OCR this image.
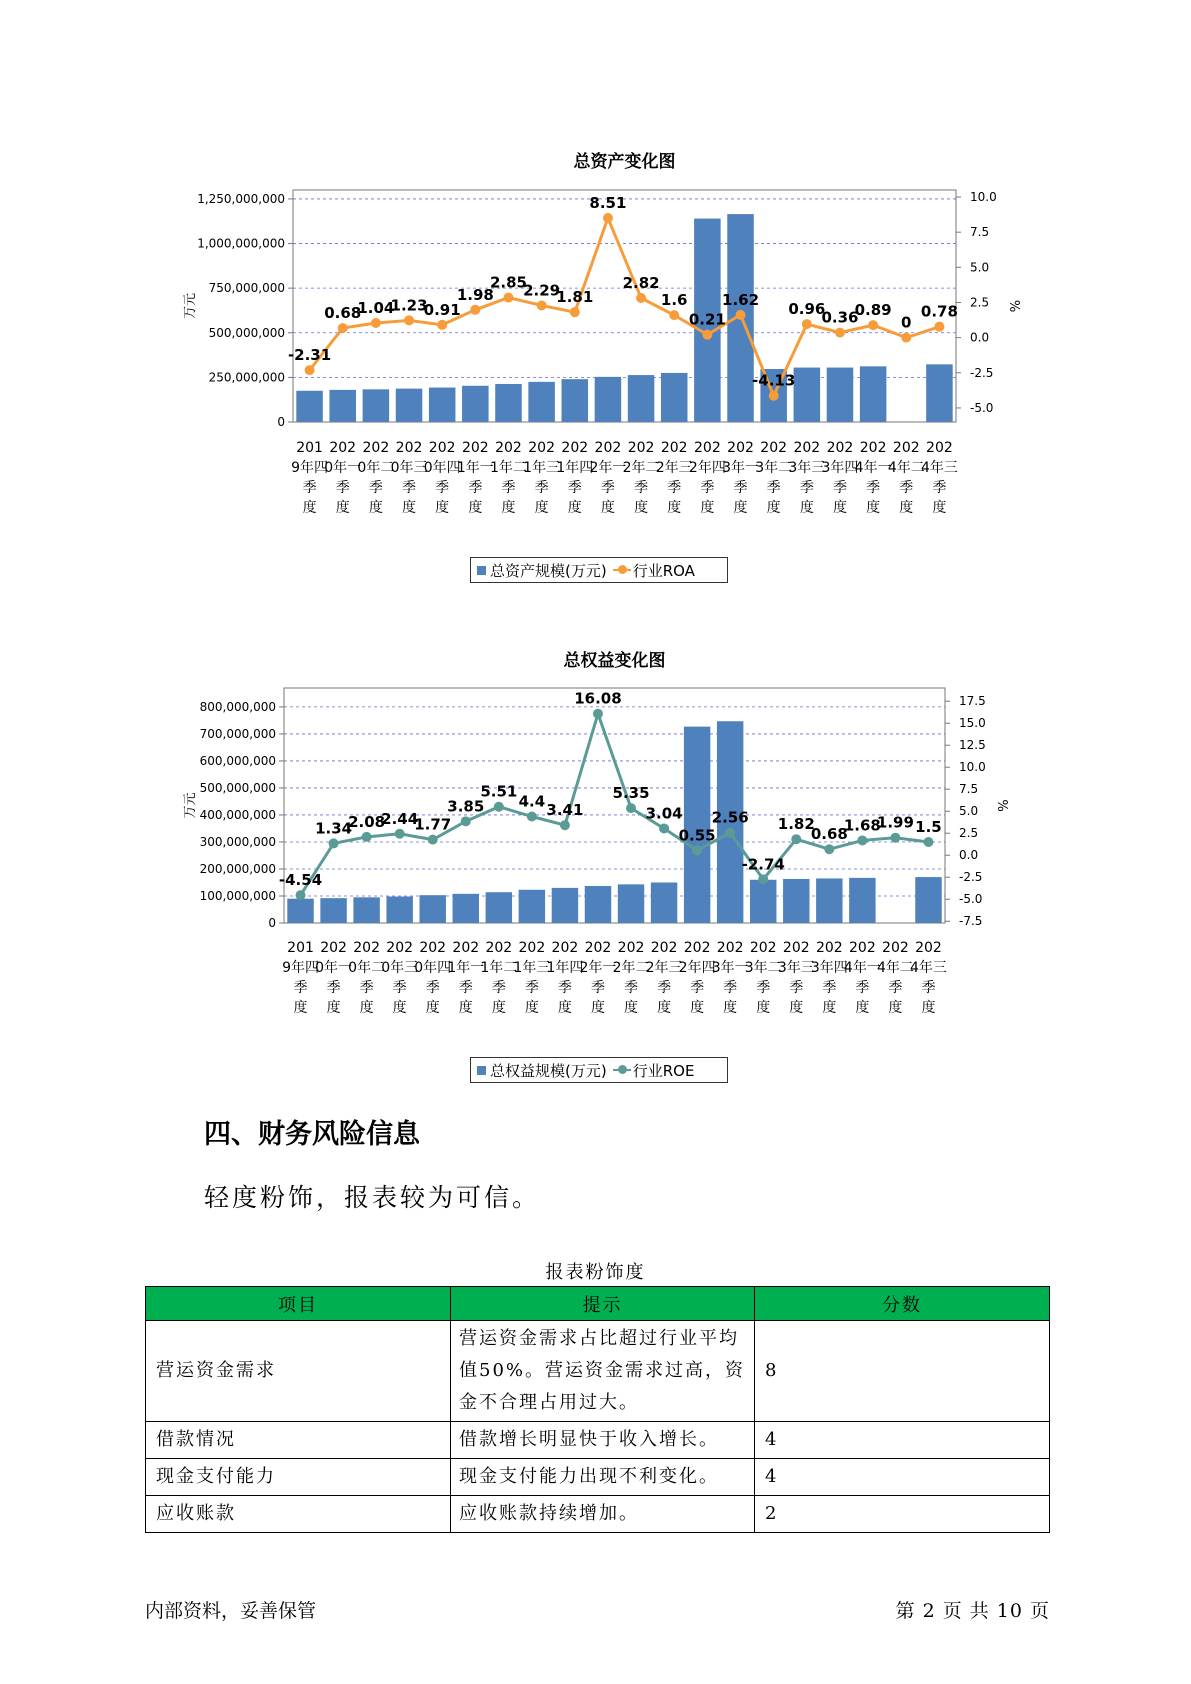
总资产变化图
0
250,000,000
500,000,000
750,000,000
1,000,000,000
1,250,000,000
-5.0
-2.5
0.0
2.5
5.0
7.5
10.0
万元	%
-2.31
0.68
1.04
1.23
0.91
1.98
2.85
2.29
1.81
8.51
2.82
1.6
0.21
1.62
-4.13
0.96
0.36
0.89
0
0.78
201 9年四季度
202 0年一季度
202 0年二季度
202 0年三季度
202 0年四季度
202 1年一季度
202 1年二季度
202 1年三季度
202 1年四季度
202 2年一季度
202 2年二季度
202 2年三季度
202 2年四季度
202 3年一季度
202 3年二季度
202 3年三季度
202 3年四季度
202 4年一季度
202 4年二季度
202 4年三季度
总资产规模(万元) 行业ROA
总权益变化图
0
100,000,000
200,000,000
300,000,000
400,000,000
500,000,000
600,000,000
700,000,000
800,000,000
-7.5
-5.0
-2.5
0.0
2.5
5.0
7.5
10.0
12.5
15.0
17.5
万元	%
-4.54
1.34
2.08
2.44
1.77
3.85
5.51
4.4 3.41
16.08
5.35
3.04
0.55
2.56
-2.74
1.82
0.68
1.68
1.99 1.5
201 9年四季度
202 0年一季度
202 0年二季度
202 0年三季度
202 0年四季度
202 1年一季度
202 1年二季度
202 1年三季度
202 1年四季度
202 2年一季度
202 2年二季度
202 2年三季度
202 2年四季度
202 3年一季度
202 3年二季度
202 3年三季度
202 3年四季度
202 4年一季度
202 4年二季度
202 4年三季度
总权益规模(万元) 行业ROE
四、财务风险信息
轻度粉饰，报表较为可信。
报表粉饰度
项目	提示	分数
营运资金需求	营运资金需求占比超过行业平均值50%。营运资金需求过高，资金不合理占用过大。	8
借款情况	借款增长明显快于收入增长。	4
现金支付能力	现金支付能力出现不利变化。	4
应收账款	应收账款持续增加。	2
内部资料，妥善保管	第 2 页 共 10 页
